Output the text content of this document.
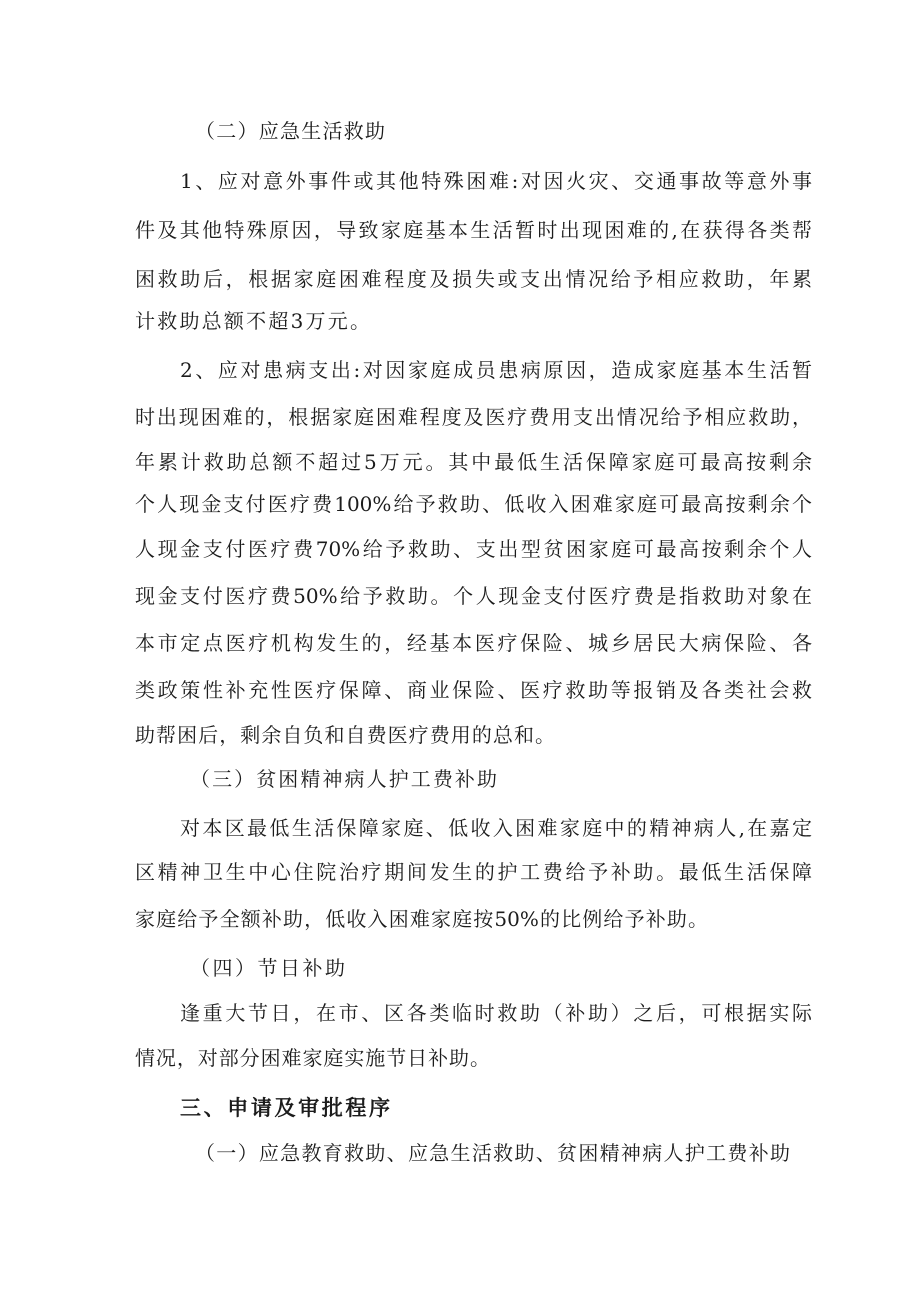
（二）应急生活救助
1、应对意外事件或其他特殊困难:对因火灾、交通事故等意外事
件及其他特殊原因，导致家庭基本生活暂时出现困难的,在获得各类帮
困救助后，根据家庭困难程度及损失或支出情况给予相应救助，年累
计救助总额不超3万元。
2、应对患病支出:对因家庭成员患病原因，造成家庭基本生活暂
时出现困难的，根据家庭困难程度及医疗费用支出情况给予相应救助，
年累计救助总额不超过5万元。其中最低生活保障家庭可最高按剩余
个人现金支付医疗费100%给予救助、低收入困难家庭可最高按剩余个
人现金支付医疗费70%给予救助、支出型贫困家庭可最高按剩余个人
现金支付医疗费50%给予救助。个人现金支付医疗费是指救助对象在
本市定点医疗机构发生的，经基本医疗保险、城乡居民大病保险、各
类政策性补充性医疗保障、商业保险、医疗救助等报销及各类社会救
助帮困后，剩余自负和自费医疗费用的总和。
（三）贫困精神病人护工费补助
对本区最低生活保障家庭、低收入困难家庭中的精神病人,在嘉定
区精神卫生中心住院治疗期间发生的护工费给予补助。最低生活保障
家庭给予全额补助，低收入困难家庭按50%的比例给予补助。
（四）节日补助
逢重大节日，在市、区各类临时救助（补助）之后，可根据实际
情况，对部分困难家庭实施节日补助。
三、申请及审批程序
（一）应急教育救助、应急生活救助、贫困精神病人护工费补助
